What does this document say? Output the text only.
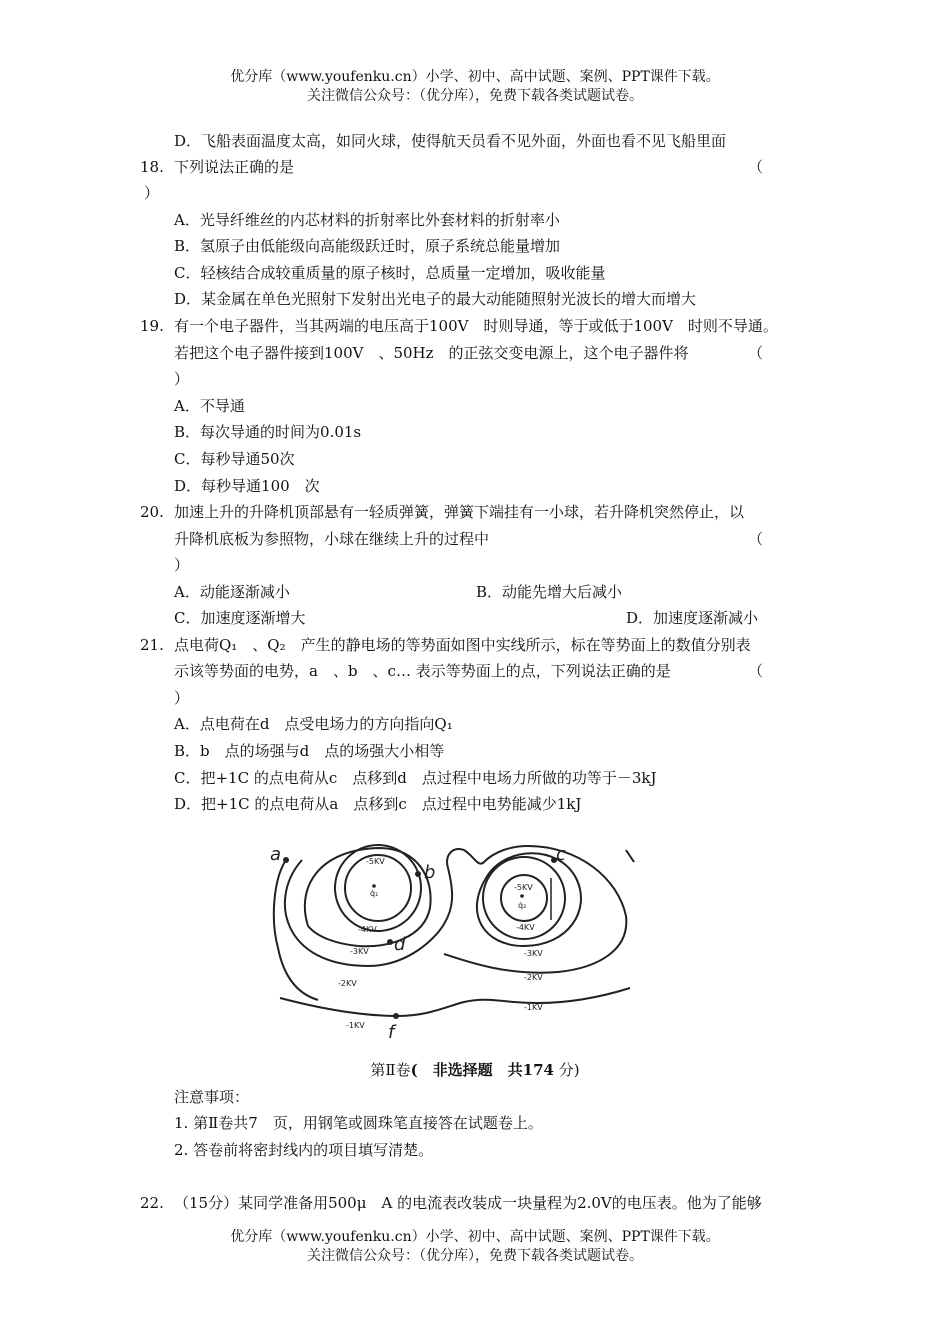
优分库（www.youfenku.cn）小学、初中、高中试题、案例、PPT课件下载。
关注微信公众号：（优分库），免费下载各类试题试卷。
D．飞船表面温度太高，如同火球，使得航天员看不见外面，外面也看不见飞船里面
18. 下列说法正确的是	（
）
A．光导纤维丝的内芯材料的折射率比外套材料的折射率小
B．氢原子由低能级向高能级跃迁时，原子系统总能量增加
C．轻核结合成较重质量的原子核时，总质量一定增加，吸收能量
D．某金属在单色光照射下发射出光电子的最大动能随照射光波长的增大而增大
19. 有一个电子器件，当其两端的电压高于100V　时则导通，等于或低于100V　时则不导通。
若把这个电子器件接到100V　、50Hz　的正弦交变电源上，这个电子器件将	（
）
A．不导通
B．每次导通的时间为0.01s
C．每秒导通50次
D．每秒导通100　次
20. 加速上升的升降机顶部悬有一轻质弹簧，弹簧下端挂有一小球，若升降机突然停止，以
升降机底板为参照物，小球在继续上升的过程中	（
）
A．动能逐渐减小	B．动能先增大后减小
C．加速度逐渐增大	D．加速度逐渐减小
21. 点电荷Q₁　、Q₂　产生的静电场的等势面如图中实线所示，标在等势面上的数值分别表
示该等势面的电势，a　、b　、c… 表示等势面上的点，下列说法正确的是	（
）
A．点电荷在d　点受电场力的方向指向Q₁
B．b　点的场强与d　点的场强大小相等
C．把+1C 的点电荷从c　点移到d　点过程中电场力所做的功等于－3kJ
D．把+1C 的点电荷从a　点移到c　点过程中电势能减少1kJ
a
b
c
d
f
q̇₁
q̇₂
-5KV
-4KV
-3KV
-2KV
-1KV
-5KV
-4KV
-3KV
-2KV
-1KV
第Ⅱ卷(　非选择题　共174 分)
注意事项：
1. 第Ⅱ卷共7　页，用钢笔或圆珠笔直接答在试题卷上。
2. 答卷前将密封线内的项目填写清楚。
22. （15分）某同学准备用500μ　A 的电流表改装成一块量程为2.0V的电压表。他为了能够
优分库（www.youfenku.cn）小学、初中、高中试题、案例、PPT课件下载。
关注微信公众号：（优分库），免费下载各类试题试卷。
